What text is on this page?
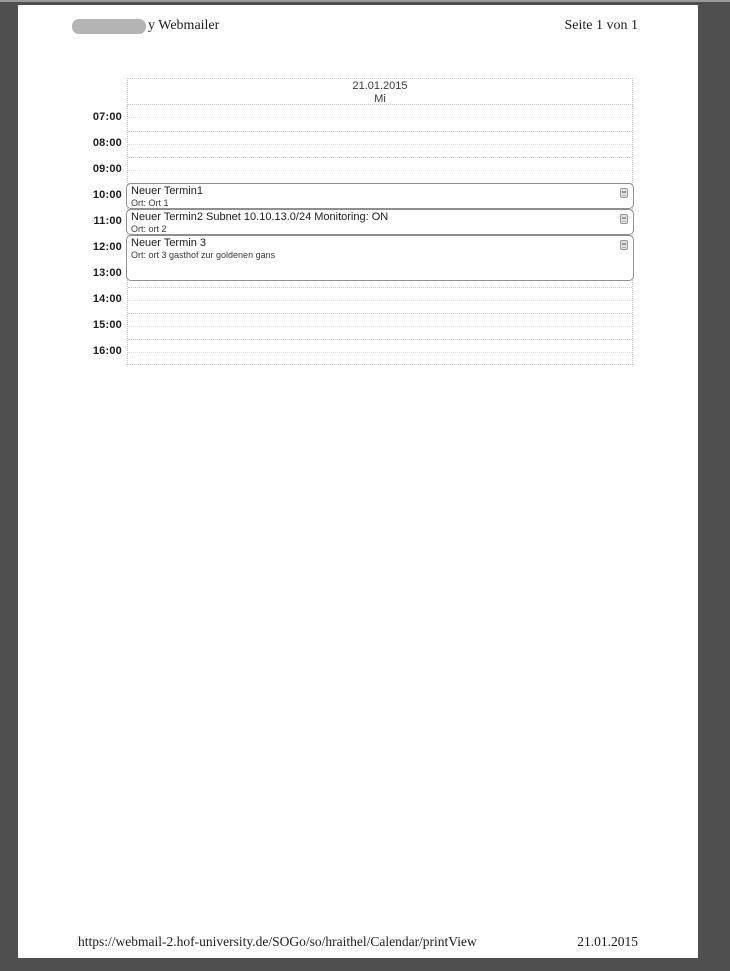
y Webmailer	Seite 1 von 1
21.01.2015
Mi
07:00
08:00
09:00
10:00
11:00
12:00
13:00
14:00
15:00
16:00
Neuer Termin1
Ort: Ort 1
Neuer Termin2 Subnet 10.10.13.0/24 Monitoring: ON
Ort: ort 2
Neuer Termin 3
Ort: ort 3 gasthof zur goldenen gans
https://webmail-2.hof-university.de/SOGo/so/hraithel/Calendar/printView	21.01.2015
